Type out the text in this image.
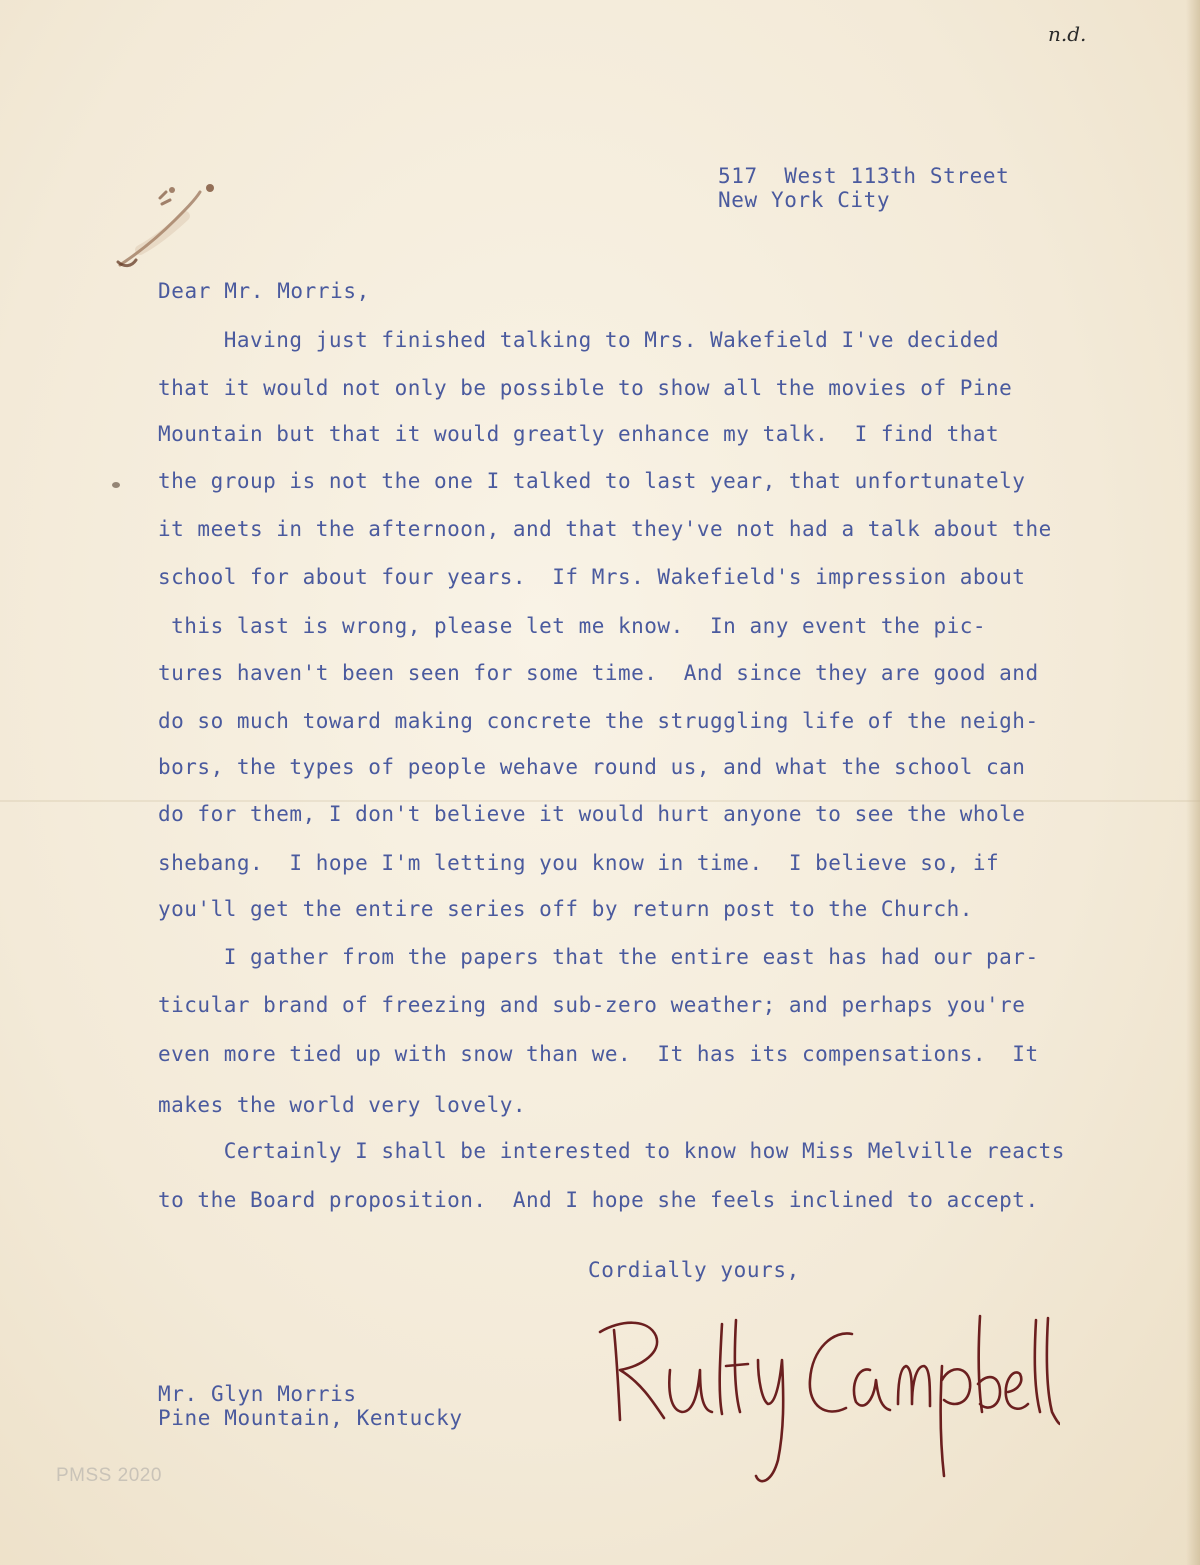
n.d.
517  West 113th Street
New York City
Dear Mr. Morris,
Having just finished talking to Mrs. Wakefield I've decided
that it would not only be possible to show all the movies of Pine
Mountain but that it would greatly enhance my talk.  I find that
the group is not the one I talked to last year, that unfortunately
it meets in the afternoon, and that they've not had a talk about the
school for about four years.  If Mrs. Wakefield's impression about
this last is wrong, please let me know.  In any event the pic-
tures haven't been seen for some time.  And since they are good and
do so much toward making concrete the struggling life of the neigh-
bors, the types of people wehave round us, and what the school can
do for them, I don't believe it would hurt anyone to see the whole
shebang.  I hope I'm letting you know in time.  I believe so, if
you'll get the entire series off by return post to the Church.
I gather from the papers that the entire east has had our par-
ticular brand of freezing and sub-zero weather; and perhaps you're
even more tied up with snow than we.  It has its compensations.  It
makes the world very lovely.
Certainly I shall be interested to know how Miss Melville reacts
to the Board proposition.  And I hope she feels inclined to accept.
Cordially yours,
Mr. Glyn Morris
Pine Mountain, Kentucky
PMSS 2020
